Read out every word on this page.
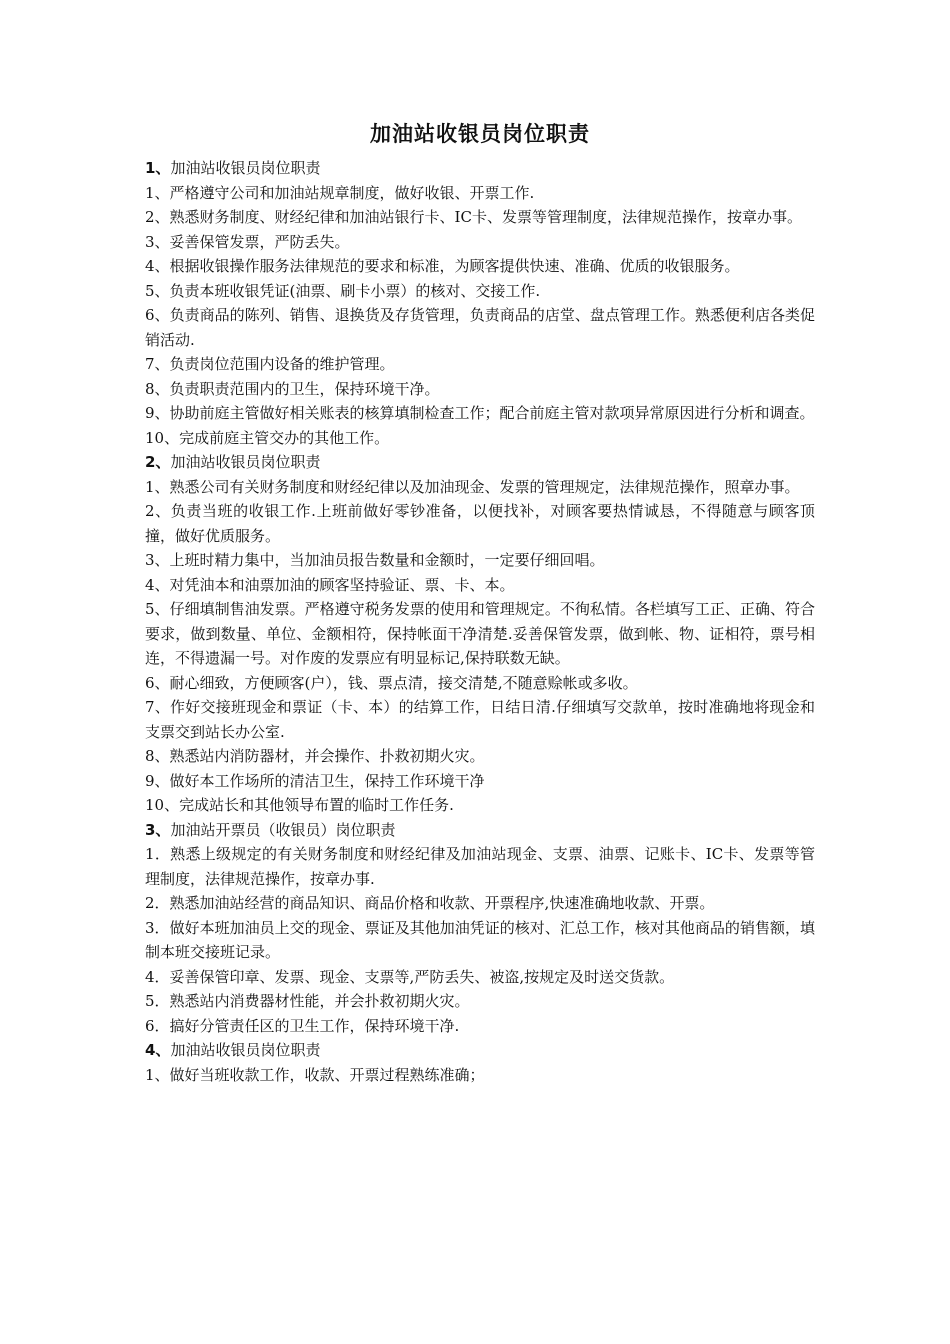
加油站收银员岗位职责
1、加油站收银员岗位职责

1、严格遵守公司和加油站规章制度，做好收银、开票工作.

2、熟悉财务制度、财经纪律和加油站银行卡、IC卡、发票等管理制度，法律规范操作，按章办事。

3、妥善保管发票，严防丢失。

4、根据收银操作服务法律规范的要求和标准，为顾客提供快速、准确、优质的收银服务。

5、负责本班收银凭证(油票、刷卡小票）的核对、交接工作.

6、负责商品的陈列、销售、退换货及存货管理，负责商品的店堂、盘点管理工作。熟悉便利店各类促销活动.

7、负责岗位范围内设备的维护管理。

8、负责职责范围内的卫生，保持环境干净。

9、协助前庭主管做好相关账表的核算填制检查工作；配合前庭主管对款项异常原因进行分析和调查。

10、完成前庭主管交办的其他工作。

2、加油站收银员岗位职责

1、熟悉公司有关财务制度和财经纪律以及加油现金、发票的管理规定，法律规范操作，照章办事。

2、负责当班的收银工作.上班前做好零钞准备，以便找补，对顾客要热情诚恳，不得随意与顾客顶撞，做好优质服务。

3、上班时精力集中，当加油员报告数量和金额时，一定要仔细回唱。

4、对凭油本和油票加油的顾客坚持验证、票、卡、本。

5、仔细填制售油发票。严格遵守税务发票的使用和管理规定。不徇私情。各栏填写工正、正确、符合要求，做到数量、单位、金额相符，保持帐面干净清楚.妥善保管发票，做到帐、物、证相符，票号相连，不得遗漏一号。对作废的发票应有明显标记,保持联数无缺。

6、耐心细致，方便顾客(户），钱、票点清，接交清楚,不随意赊帐或多收。

7、作好交接班现金和票证（卡、本）的结算工作，日结日清.仔细填写交款单，按时准确地将现金和支票交到站长办公室.

8、熟悉站内消防器材，并会操作、扑救初期火灾。

9、做好本工作场所的清洁卫生，保持工作环境干净

10、完成站长和其他领导布置的临时工作任务.

3、加油站开票员（收银员）岗位职责

1．熟悉上级规定的有关财务制度和财经纪律及加油站现金、支票、油票、记账卡、IC卡、发票等管理制度，法律规范操作，按章办事.

2．熟悉加油站经营的商品知识、商品价格和收款、开票程序,快速准确地收款、开票。

3．做好本班加油员上交的现金、票证及其他加油凭证的核对、汇总工作，核对其他商品的销售额，填制本班交接班记录。

4．妥善保管印章、发票、现金、支票等,严防丢失、被盗,按规定及时送交货款。

5．熟悉站内消费器材性能，并会扑救初期火灾。

6．搞好分管责任区的卫生工作，保持环境干净.

4、加油站收银员岗位职责

1、做好当班收款工作，收款、开票过程熟练准确；
